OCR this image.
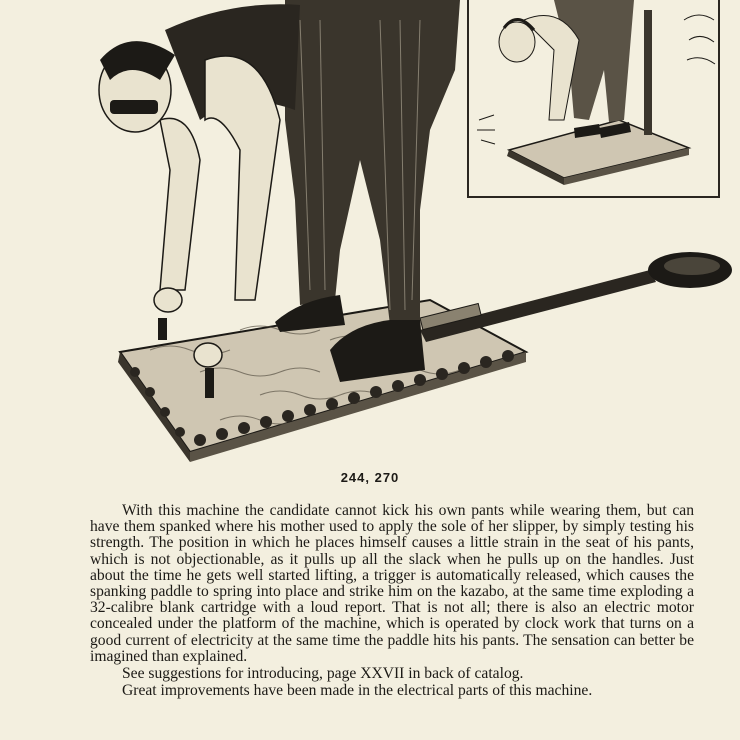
244, 270

With this machine the candidate cannot kick his own pants while wearing them, but can have them spanked where his mother used to apply the sole of her slipper, by simply testing his strength. The position in which he places himself causes a little strain in the seat of his pants, which is not objectionable, as it pulls up all the slack when he pulls up on the handles. Just about the time he gets well started lifting, a trigger is automatically released, which causes the spanking paddle to spring into place and strike him on the kazabo, at the same time exploding a 32-calibre blank cartridge with a loud report. That is not all; there is also an electric motor concealed under the platform of the machine, which is operated by clock work that turns on a good current of electricity at the same time the paddle hits his pants. The sensation can better be imagined than explained.

See suggestions for introducing, page XXVII in back of catalog.

Great improvements have been made in the electrical parts of this machine.
